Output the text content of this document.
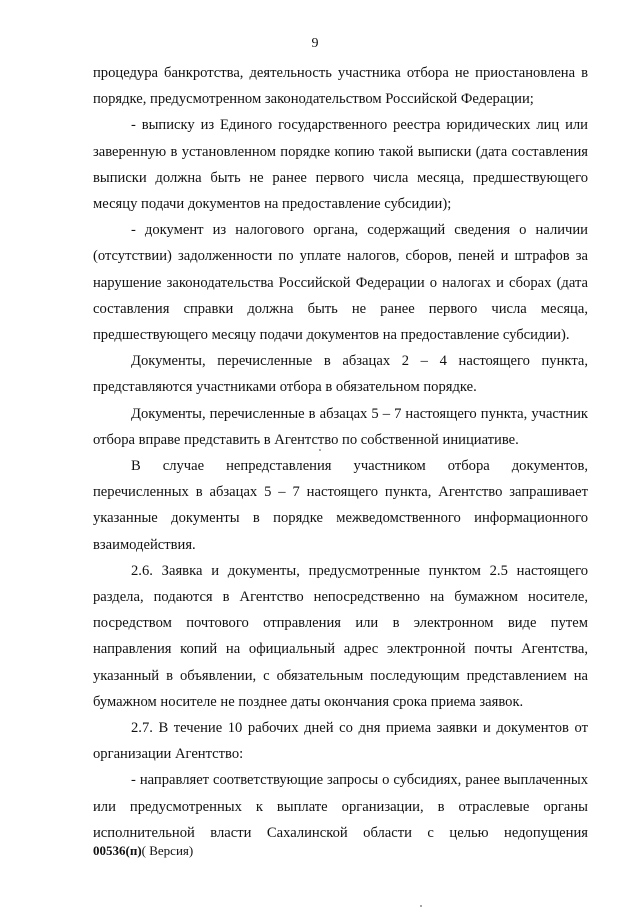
9

процедура банкротства, деятельность участника отбора не приостановлена в порядке, предусмотренном законодательством Российской Федерации;

- выписку из Единого государственного реестра юридических лиц или заверенную в установленном порядке копию такой выписки (дата составления выписки должна быть не ранее первого числа месяца, предшествующего месяцу подачи документов на предоставление субсидии);

- документ из налогового органа, содержащий сведения о наличии (отсутствии) задолженности по уплате налогов, сборов, пеней и штрафов за нарушение законодательства Российской Федерации о налогах и сборах (дата составления справки должна быть не ранее первого числа месяца, предшествующего месяцу подачи документов на предоставление субсидии).

Документы, перечисленные в абзацах 2 – 4 настоящего пункта, представляются участниками отбора в обязательном порядке.

Документы, перечисленные в абзацах 5 – 7 настоящего пункта, участник отбора вправе представить в Агентство по собственной инициативе.

В случае непредставления участником отбора документов, перечисленных в абзацах 5 – 7 настоящего пункта, Агентство запрашивает указанные документы в порядке межведомственного информационного взаимодействия.

2.6. Заявка и документы, предусмотренные пунктом 2.5 настоящего раздела, подаются в Агентство непосредственно на бумажном носителе, посредством почтового отправления или в электронном виде путем направления копий на официальный адрес электронной почты Агентства, указанный в объявлении, с обязательным последующим представлением на бумажном носителе не позднее даты окончания срока приема заявок.

2.7. В течение 10 рабочих дней со дня приема заявки и документов от организации Агентство:

- направляет соответствующие запросы о субсидиях, ранее выплаченных или предусмотренных к выплате организации, в отраслевые органы исполнительной власти Сахалинской области с целью недопущения

00536(п)( Версия)
